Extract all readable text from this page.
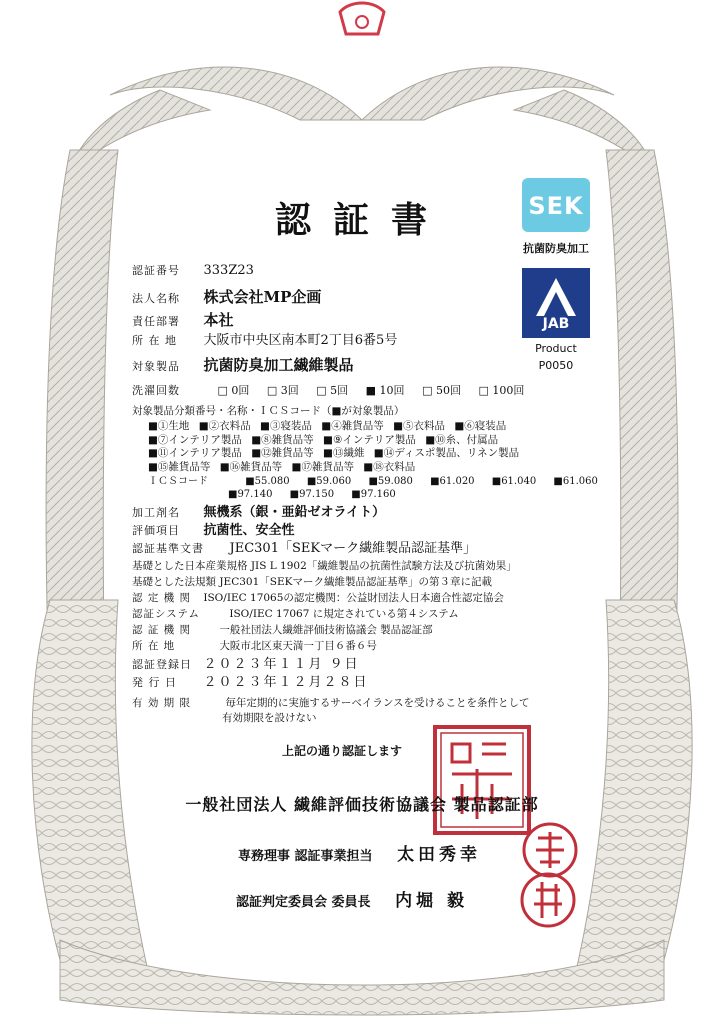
認証書	SEK
抗菌防臭加工
JAB
Product
P0050
認証番号 333Z23
法人名称 株式会社MP企画
責任部署 本社
所 在 地 大阪市中央区南本町2丁目6番5号
対象製品 抗菌防臭加工繊維製品
洗濯回数	□ 0回 □ 3回 □ 5回 ■ 10回 □ 50回 □ 100回
対象製品分類番号・名称・ＩＣＳコード（■が対象製品）
■①生地 ■②衣料品 ■③寝装品 ■④雑貨品等 ■⑤衣料品 ■⑥寝装品
■⑦インテリア製品 ■⑧雑貨品等 ■⑨インテリア製品 ■⑩糸、付属品
■⑪インテリア製品 ■⑫雑貨品等 ■⑬繊維 ■⑭ディスポ製品、リネン製品
■⑮雑貨品等 ■⑯雑貨品等 ■⑰雑貨品等 ■⑱衣料品
ＩＣＳコード	■55.080 ■59.060 ■59.080 ■61.020 ■61.040 ■61.060
■97.140 ■97.150 ■97.160
加工剤名 無機系（銀・亜鉛ゼオライト）
評価項目 抗菌性、安全性
認証基準文書 JEC301「SEKマーク繊維製品認証基準」
基礎とした日本産業規格 JIS L 1902「繊維製品の抗菌性試験方法及び抗菌効果」
基礎とした法規類 JEC301「SEKマーク繊維製品認証基準」の第３章に記載
認 定 機 関 ISO/IEC 17065の認定機関：公益財団法人日本適合性認定協会
認証システム	ISO/IEC 17067 に規定されている第４システム
認 証 機 関	一般社団法人繊維評価技術協議会 製品認証部
所 在 地	大阪市北区東天満一丁目６番６号
認証登録日 ２０２３年１１月 ９日
発 行 日 ２０２３年１２月２８日
有 効 期 限	毎年定期的に実施するサーベイランスを受けることを条件として
有効期限を設けない
上記の通り認証します
一般社団法人 繊維評価技術協議会 製品認証部
専務理事 認証事業担当 太田秀幸
認証判定委員会 委員長 内堀 毅
